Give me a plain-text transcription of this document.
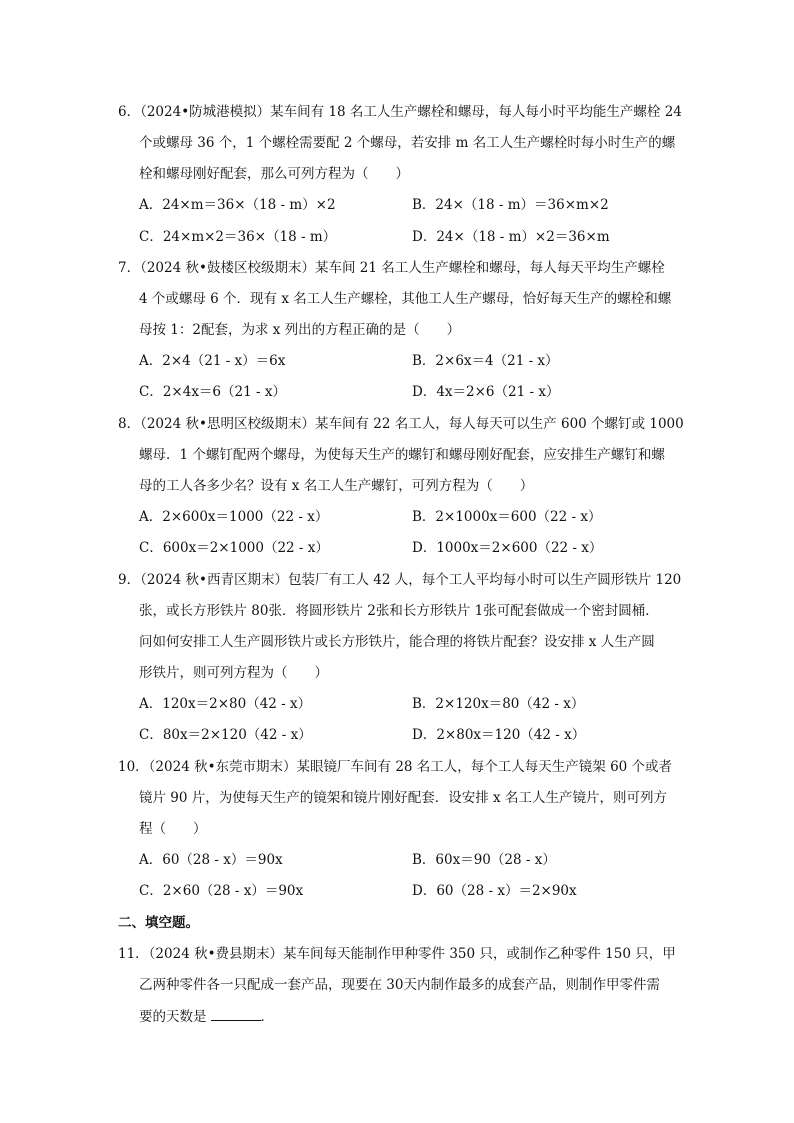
6．（2024•防城港模拟）某车间有 18 名工人生产螺栓和螺母，每人每小时平均能生产螺栓 24
个或螺母 36 个，1 个螺栓需要配 2 个螺母，若安排 m 名工人生产螺栓时每小时生产的螺
栓和螺母刚好配套，那么可列方程为（　　）
A．24×m＝36×（18 - m）×2	B．24×（18 - m）＝36×m×2
C．24×m×2＝36×（18 - m）	D．24×（18 - m）×2＝36×m
7．（2024 秋•鼓楼区校级期末）某车间 21 名工人生产螺栓和螺母，每人每天平均生产螺栓
4 个或螺母 6 个．现有 x 名工人生产螺栓，其他工人生产螺母，恰好每天生产的螺栓和螺
母按 1：2配套，为求 x 列出的方程正确的是（　　）
A．2×4（21 - x）＝6x	B．2×6x＝4（21 - x）
C．2×4x＝6（21 - x）	D．4x＝2×6（21 - x）
8．（2024 秋•思明区校级期末）某车间有 22 名工人，每人每天可以生产 600 个螺钉或 1000
螺母．1 个螺钉配两个螺母，为使每天生产的螺钉和螺母刚好配套，应安排生产螺钉和螺
母的工人各多少名？设有 x 名工人生产螺钉，可列方程为（　　）
A．2×600x＝1000（22 - x）	B．2×1000x＝600（22 - x）
C．600x＝2×1000（22 - x）	D．1000x＝2×600（22 - x）
9．（2024 秋•西青区期末）包装厂有工人 42 人，每个工人平均每小时可以生产圆形铁片 120
张，或长方形铁片 80张．将圆形铁片 2张和长方形铁片 1张可配套做成一个密封圆桶．
问如何安排工人生产圆形铁片或长方形铁片，能合理的将铁片配套？设安排 x 人生产圆
形铁片，则可列方程为（　　）
A．120x＝2×80（42 - x）	B．2×120x＝80（42 - x）
C．80x＝2×120（42 - x）	D．2×80x＝120（42 - x）
10．（2024 秋•东莞市期末）某眼镜厂车间有 28 名工人，每个工人每天生产镜架 60 个或者
镜片 90 片，为使每天生产的镜架和镜片刚好配套．设安排 x 名工人生产镜片，则可列方
程（　　）
A．60（28 - x）＝90x	B．60x＝90（28 - x）
C．2×60（28 - x）＝90x	D．60（28 - x）＝2×90x
二、填空题。
11．（2024 秋•费县期末）某车间每天能制作甲种零件 350 只，或制作乙种零件 150 只，甲
乙两种零件各一只配成一套产品，现要在 30天内制作最多的成套产品，则制作甲零件需
要的天数是	．
